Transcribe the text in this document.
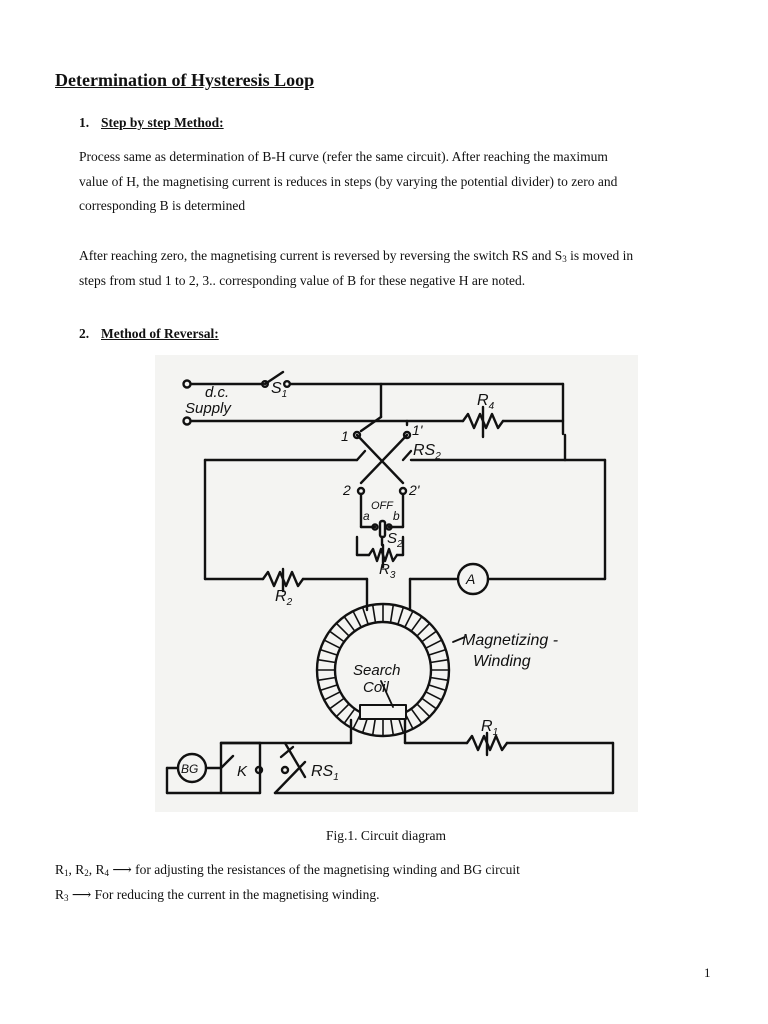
Determination of Hysteresis Loop
1. Step by step Method:

Process same as determination of B-H curve (refer the same circuit). After reaching the maximum

value of H, the magnetising current is reduces in steps (by varying the potential divider) to zero and

corresponding B is determined

After reaching zero, the magnetising current is reversed by reversing the switch RS and $S_3$ is moved in

steps from stud 1 to 2, 3.. corresponding value of B for these negative H are noted.

2. Method of Reversal:
d.c.
Supply
$S_1$	$R_4$
1	1'
$RS_2$
2	2'
OFF
a b
$S_2$
$R_3$	A
$R_2$
Magnetizing -
Winding
Search
Coil
$R_1$
BG	K	$RS_1$
Fig.1. Circuit diagram
$R_1$, $R_2$, $R_4$ ⟶ for adjusting the resistances of the magnetising winding and BG circuit
$R_3$ ⟶ For reducing the current in the magnetising winding.
1
